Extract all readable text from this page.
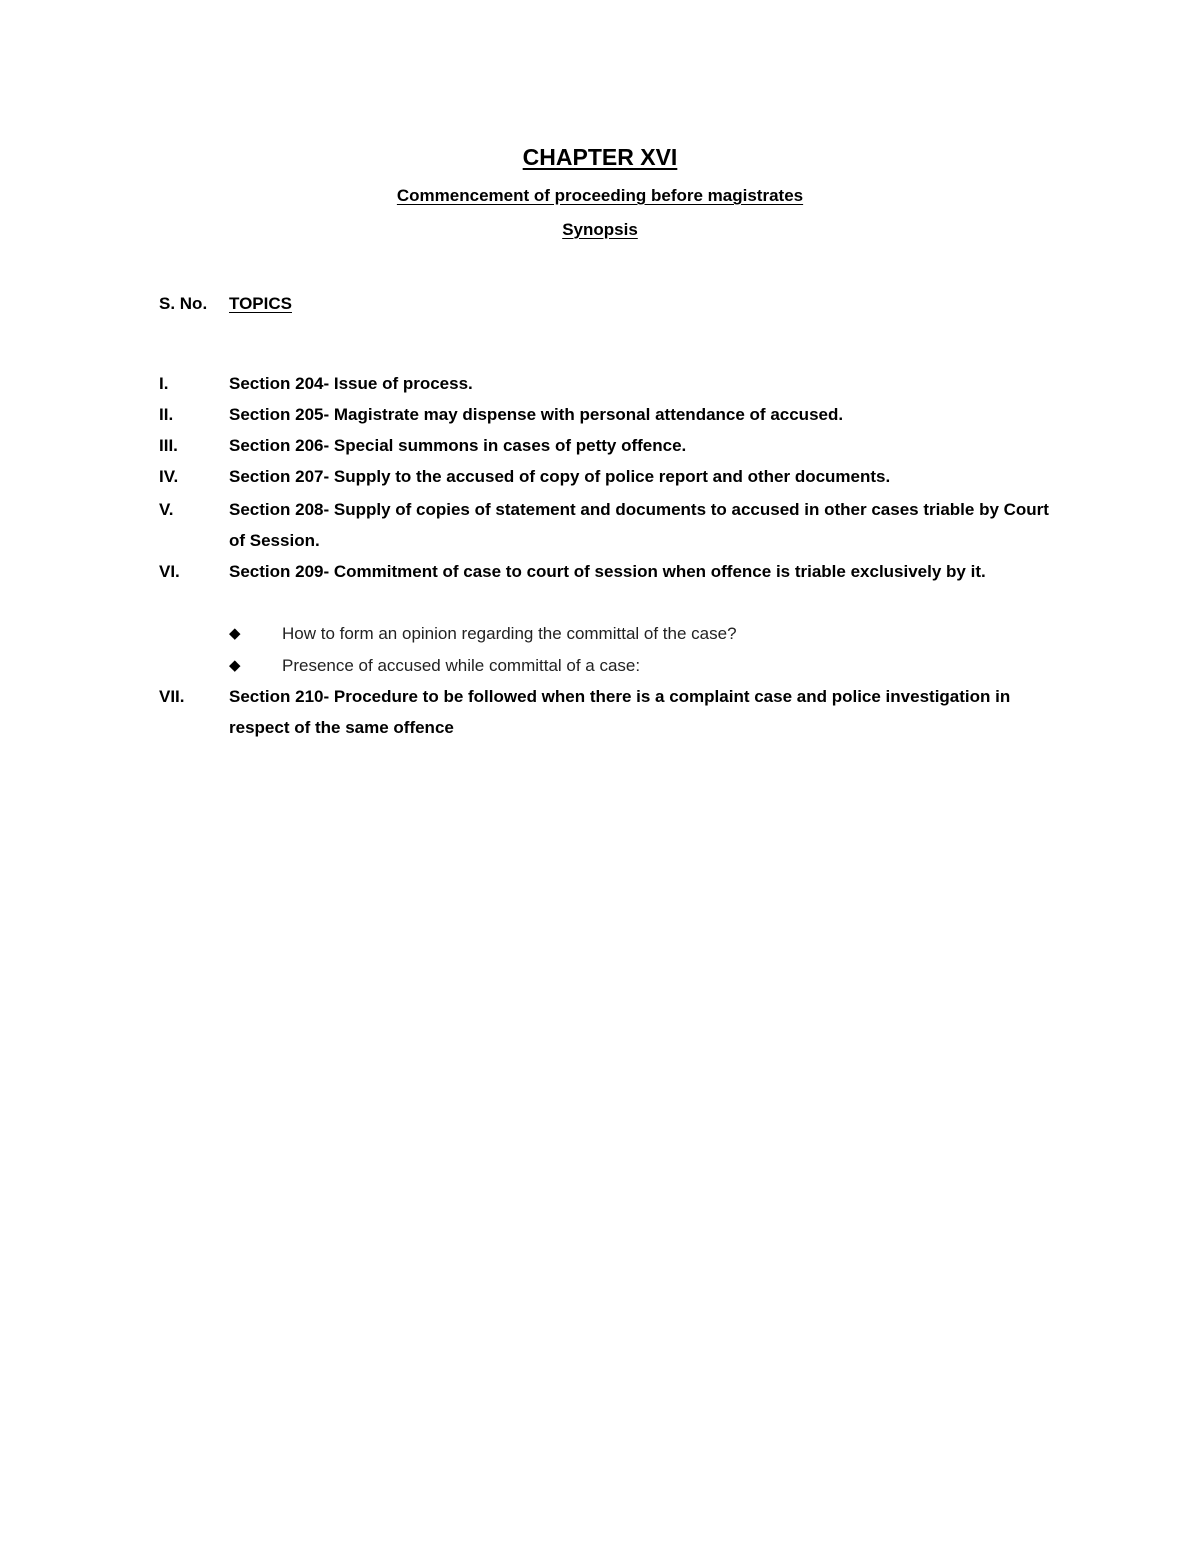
CHAPTER XVI
Commencement of proceeding before magistrates
Synopsis
S. No. TOPICS
I.	Section 204- Issue of process.
II.	Section 205- Magistrate may dispense with personal attendance of accused.
III.	Section 206- Special summons in cases of petty offence.
IV.	Section 207- Supply to the accused of copy of police report and other documents.
V.	Section 208- Supply of copies of statement and documents to accused in other cases triable by Court of Session.
VI.	Section 209- Commitment of case to court of session when offence is triable exclusively by it.
◆ How to form an opinion regarding the committal of the case?
◆ Presence of accused while committal of a case:
VII.	Section 210- Procedure to be followed when there is a complaint case and police investigation in respect of the same offence
